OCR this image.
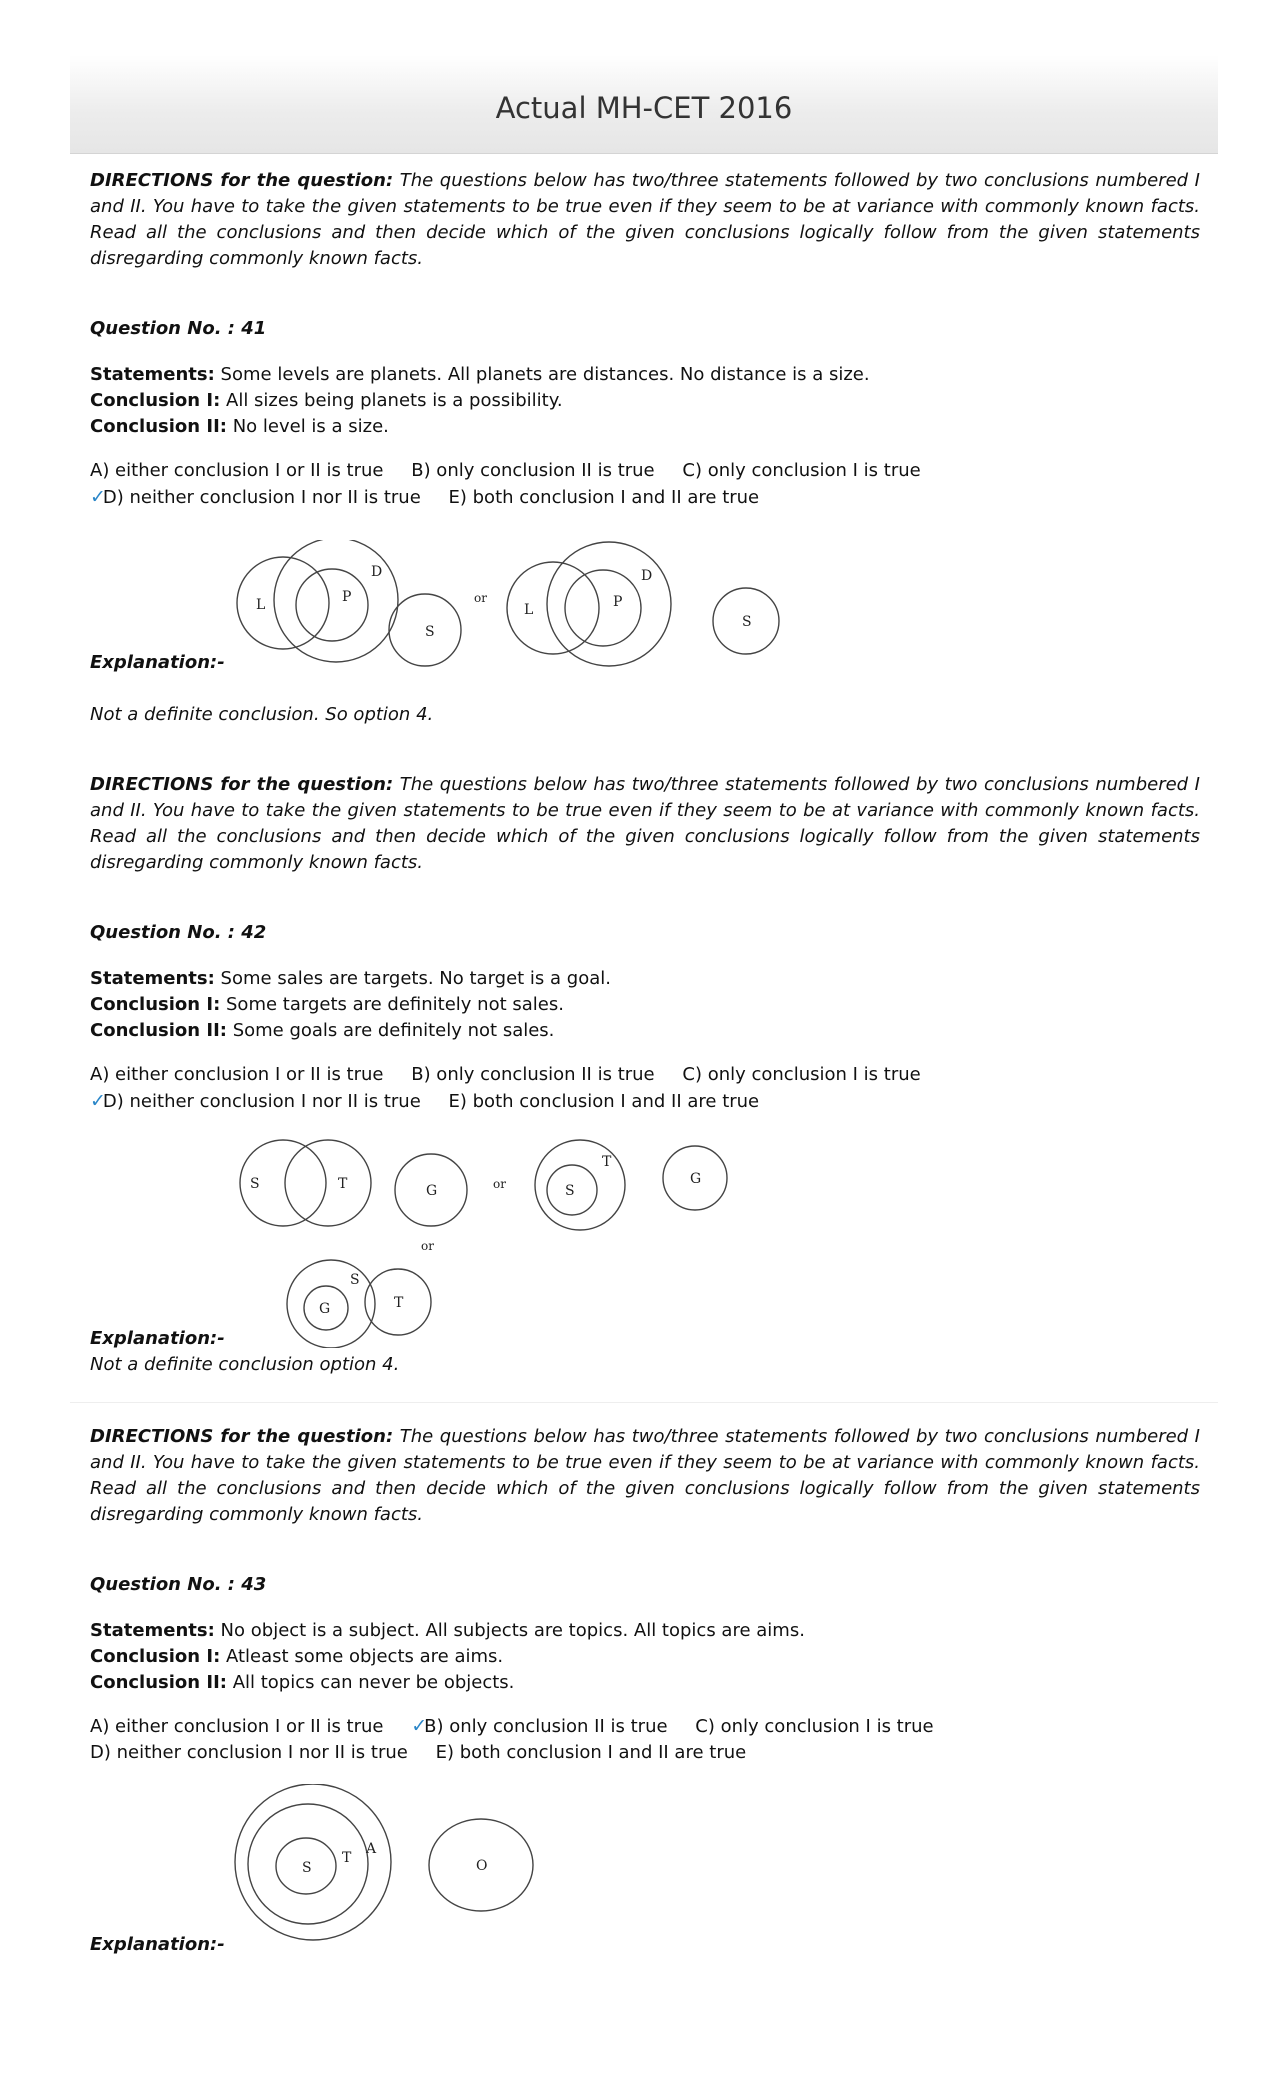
Actual MH-CET 2016

DIRECTIONS for the question: The questions below has two/three statements followed by two conclusions numbered I and II. You have to take the given statements to be true even if they seem to be at variance with commonly known facts. Read all the conclusions and then decide which of the given conclusions logically follow from the given statements disregarding commonly known facts.

Question No. : 41

Statements: Some levels are planets. All planets are distances. No distance is a size.

Conclusion I: All sizes being planets is a possibility.

Conclusion II: No level is a size.

A) either conclusion I or II is true B) only conclusion II is true C) only conclusion I is true

✓D) neither conclusion I nor II is true E) both conclusion I and II are true

L	P
D
S
or
L	P
D
S

Explanation:-

Not a definite conclusion. So option 4.

DIRECTIONS for the question: The questions below has two/three statements followed by two conclusions numbered I and II. You have to take the given statements to be true even if they seem to be at variance with commonly known facts. Read all the conclusions and then decide which of the given conclusions logically follow from the given statements disregarding commonly known facts.

Question No. : 42

Statements: Some sales are targets. No target is a goal.

Conclusion I: Some targets are definitely not sales.

Conclusion II: Some goals are definitely not sales.

A) either conclusion I or II is true B) only conclusion II is true C) only conclusion I is true

✓D) neither conclusion I nor II is true E) both conclusion I and II are true

S	T	G	or	S
T
G
or
G
S
T

Explanation:-

Not a definite conclusion option 4.

DIRECTIONS for the question: The questions below has two/three statements followed by two conclusions numbered I and II. You have to take the given statements to be true even if they seem to be at variance with commonly known facts. Read all the conclusions and then decide which of the given conclusions logically follow from the given statements disregarding commonly known facts.

Question No. : 43

Statements: No object is a subject. All subjects are topics. All topics are aims.

Conclusion I: Atleast some objects are aims.

Conclusion II: All topics can never be objects.

A) either conclusion I or II is true ✓B) only conclusion II is true C) only conclusion I is true

D) neither conclusion I nor II is true E) both conclusion I and II are true

S
T
A
O

Explanation:-
